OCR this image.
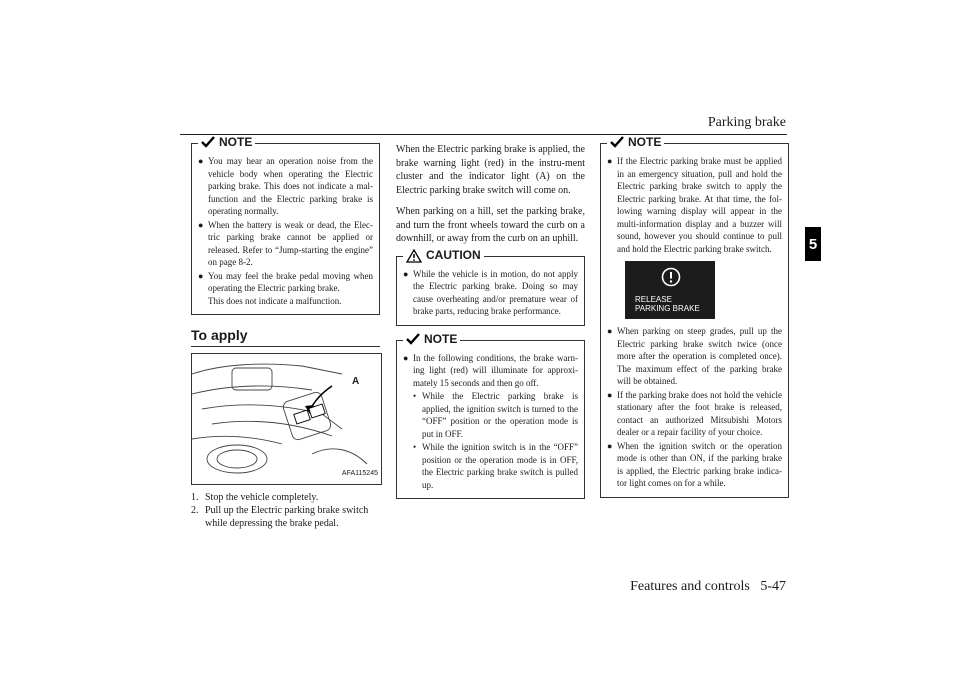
Parking brake
5
Features and controls   5-47
NOTE
● You may hear an operation noise from the vehicle body when operating the Electric parking brake. This does not indicate a mal-function and the Electric parking brake is operating normally.
● When the battery is weak or dead, the Elec-tric parking brake cannot be applied or released. Refer to “Jump-starting the engine” on page 8-2.
● You may feel the brake pedal moving when operating the Electric parking brake.
This does not indicate a malfunction.
To apply
A
AFA115245
1. Stop the vehicle completely.
2. Pull up the Electric parking brake switch while depressing the brake pedal.

When the Electric parking brake is applied, the brake warning light (red) in the instru-ment cluster and the indicator light (A) on the Electric parking brake switch will come on.

When parking on a hill, set the parking brake, and turn the front wheels toward the curb on a downhill, or away from the curb on an uphill.

CAUTION
● While the vehicle is in motion, do not apply the Electric parking brake. Doing so may cause overheating and/or premature wear of brake parts, reducing brake performance.
NOTE
● In the following conditions, the brake warn-ing light (red) will illuminate for approxi-mately 15 seconds and then go off.
• While the Electric parking brake is applied, the ignition switch is turned to the “OFF” position or the operation mode is put in OFF.
• While the ignition switch is in the “OFF” position or the operation mode is in OFF, the Electric parking brake switch is pulled up.
NOTE
● If the Electric parking brake must be applied in an emergency situation, pull and hold the Electric parking brake switch to apply the Electric parking brake. At that time, the fol-lowing warning display will appear in the multi-information display and a buzzer will sound, however you should continue to pull and hold the Electric parking brake switch.
RELEASE
PARKING BRAKE
● When parking on steep grades, pull up the Electric parking brake switch twice (once more after the operation is completed once). The maximum effect of the parking brake will be obtained.
● If the parking brake does not hold the vehicle stationary after the foot brake is released, contact an authorized Mitsubishi Motors dealer or a repair facility of your choice.
● When the ignition switch or the operation mode is other than ON, if the parking brake is applied, the Electric parking brake indica-tor light comes on for a while.
